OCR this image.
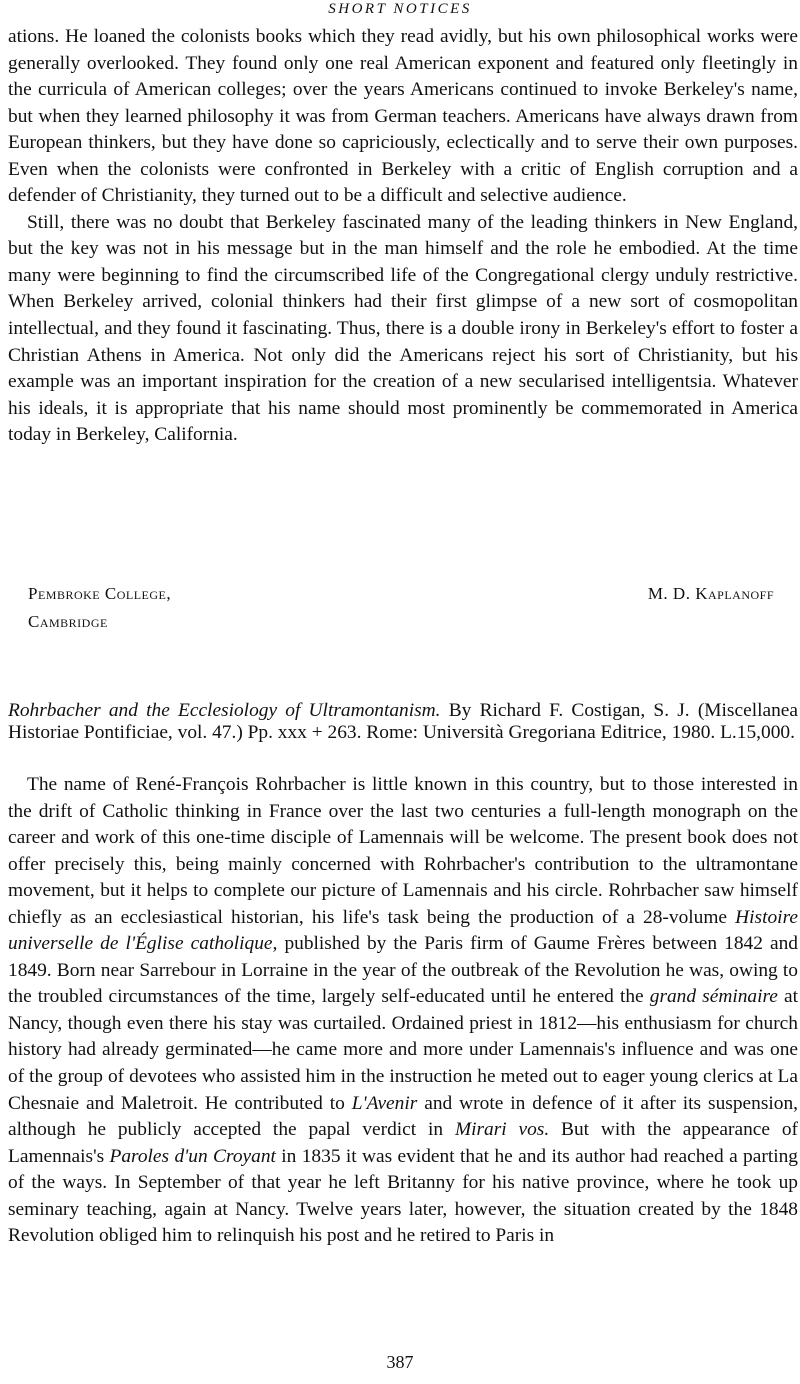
SHORT NOTICES

ations. He loaned the colonists books which they read avidly, but his own philosophical works were generally overlooked. They found only one real American exponent and featured only fleetingly in the curricula of American colleges; over the years Americans continued to invoke Berkeley's name, but when they learned philosophy it was from German teachers. Americans have always drawn from European thinkers, but they have done so capriciously, eclectically and to serve their own purposes. Even when the colonists were confronted in Berkeley with a critic of English corruption and a defender of Christianity, they turned out to be a difficult and selective audience.

Still, there was no doubt that Berkeley fascinated many of the leading thinkers in New England, but the key was not in his message but in the man himself and the role he embodied. At the time many were beginning to find the circumscribed life of the Congregational clergy unduly restrictive. When Berkeley arrived, colonial thinkers had their first glimpse of a new sort of cosmopolitan intellectual, and they found it fascinating. Thus, there is a double irony in Berkeley's effort to foster a Christian Athens in America. Not only did the Americans reject his sort of Christianity, but his example was an important inspiration for the creation of a new secularised intelligentsia. Whatever his ideals, it is appropriate that his name should most prominently be commemorated in America today in Berkeley, California.

Pembroke College,	M. D. Kaplanoff
Cambridge

Rohrbacher and the Ecclesiology of Ultramontanism. By Richard F. Costigan, S. J. (Miscellanea Historiae Pontificiae, vol. 47.) Pp. xxx + 263. Rome: Università Gregoriana Editrice, 1980. L.15,000.

The name of René-François Rohrbacher is little known in this country, but to those interested in the drift of Catholic thinking in France over the last two centuries a full-length monograph on the career and work of this one-time disciple of Lamennais will be welcome. The present book does not offer precisely this, being mainly concerned with Rohrbacher's contribution to the ultramontane movement, but it helps to complete our picture of Lamennais and his circle. Rohrbacher saw himself chiefly as an ecclesiastical historian, his life's task being the production of a 28-volume Histoire universelle de l'Église catholique, published by the Paris firm of Gaume Frères between 1842 and 1849. Born near Sarrebour in Lorraine in the year of the outbreak of the Revolution he was, owing to the troubled circumstances of the time, largely self-educated until he entered the grand séminaire at Nancy, though even there his stay was curtailed. Ordained priest in 1812—his enthusiasm for church history had already germinated—he came more and more under Lamennais's influence and was one of the group of devotees who assisted him in the instruction he meted out to eager young clerics at La Chesnaie and Maletroit. He contributed to L'Avenir and wrote in defence of it after its suspension, although he publicly accepted the papal verdict in Mirari vos. But with the appearance of Lamennais's Paroles d'un Croyant in 1835 it was evident that he and its author had reached a parting of the ways. In September of that year he left Britanny for his native province, where he took up seminary teaching, again at Nancy. Twelve years later, however, the situation created by the 1848 Revolution obliged him to relinquish his post and he retired to Paris in

387
